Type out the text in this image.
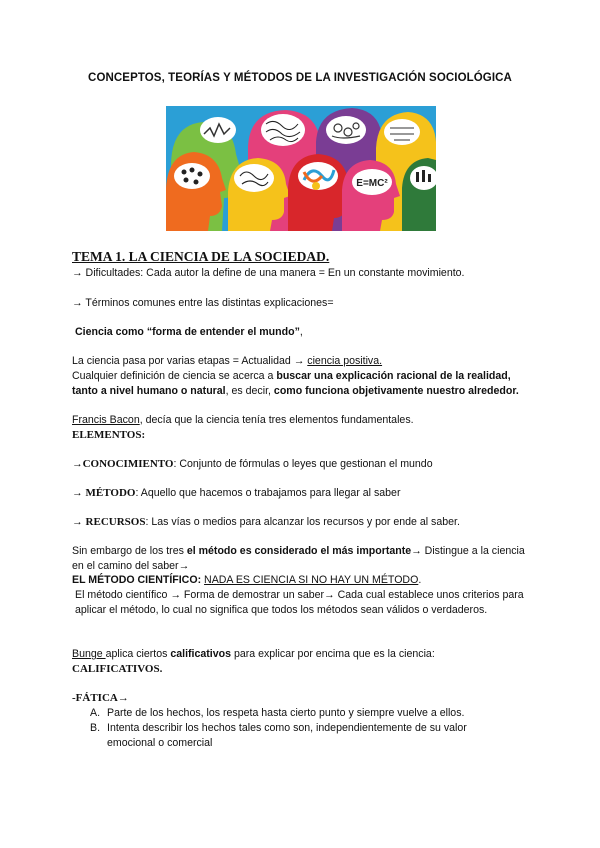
CONCEPTOS, TEORÍAS Y MÉTODOS DE LA INVESTIGACIÓN SOCIOLÓGICA
E=MC²
TEMA 1. LA CIENCIA DE LA SOCIEDAD.

→ Dificultades: Cada autor la define de una manera = En un constante movimiento.

→ Términos comunes entre las distintas explicaciones=

Ciencia como “forma de entender el mundo”,

La ciencia pasa por varias etapas = Actualidad → ciencia positiva.

Cualquier definición de ciencia se acerca a buscar una explicación racional de la realidad, tanto a nivel humano o natural, es decir, como funciona objetivamente nuestro alrededor.

Francis Bacon, decía que la ciencia tenía tres elementos fundamentales.

ELEMENTOS:

→CONOCIMIENTO: Conjunto de fórmulas o leyes que gestionan el mundo

→ MÉTODO: Aquello que hacemos o trabajamos para llegar al saber

→ RECURSOS: Las vías o medios para alcanzar los recursos y por ende al saber.

Sin embargo de los tres el método es considerado el más importante→ Distingue a la ciencia en el camino del saber→

EL MÉTODO CIENTÍFICO: NADA ES CIENCIA SI NO HAY UN MÉTODO.

El método científico → Forma de demostrar un saber→ Cada cual establece unos criterios para aplicar el método, lo cual no significa que todos los métodos sean válidos o verdaderos.

Bunge aplica ciertos calificativos para explicar por encima que es la ciencia:

CALIFICATIVOS.

-FÁTICA→

A. Parte de los hechos, los respeta hasta cierto punto y siempre vuelve a ellos.
B. Intenta describir los hechos tales como son, independientemente de su valor emocional o comercial
